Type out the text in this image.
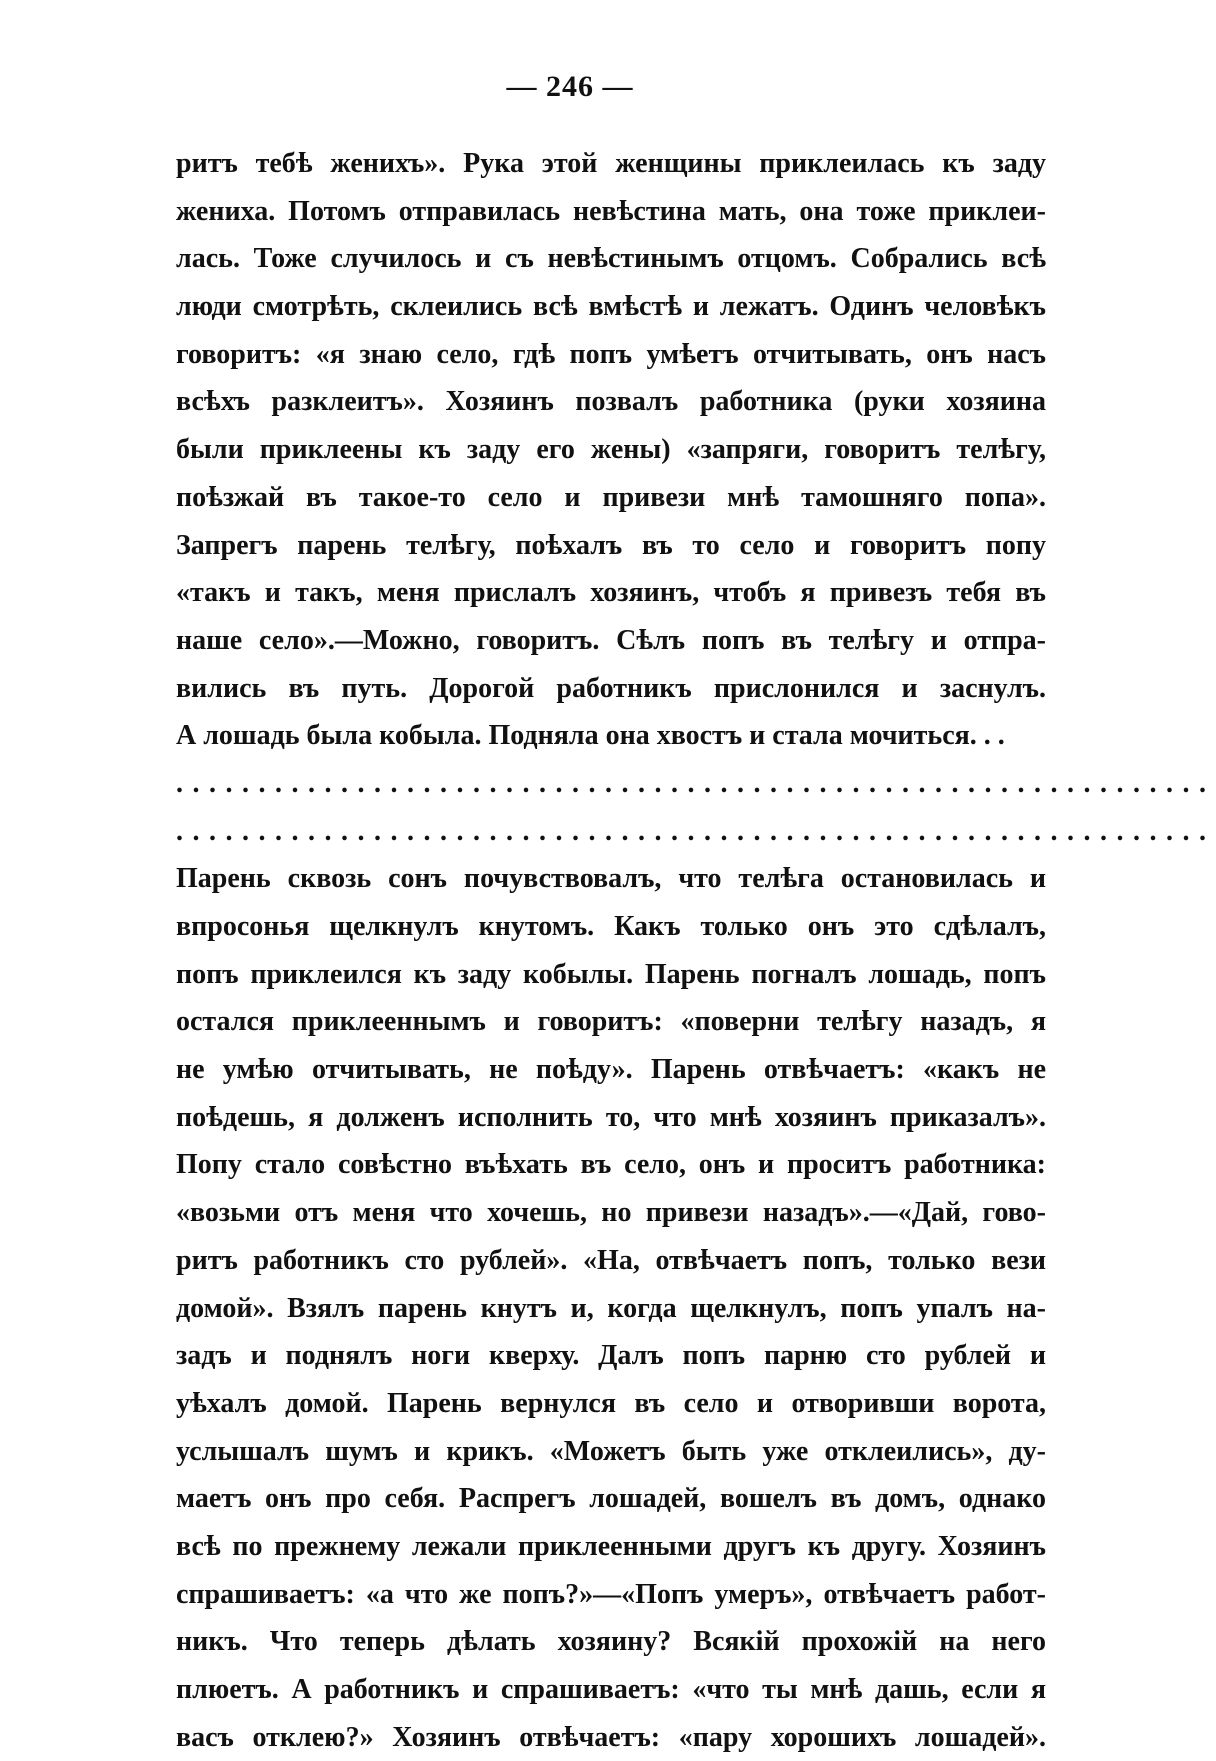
— 246 —
ритъ тебѣ женихъ». Рука этой женщины приклеилась къ заду
жениха. Потомъ отправилась невѣстина мать, она тоже приклеи-
лась. Тоже случилось и съ невѣстинымъ отцомъ. Собрались всѣ
люди смотрѣть, склеились всѣ вмѣстѣ и лежатъ. Одинъ человѣкъ
говоритъ: «я знаю село, гдѣ попъ умѣетъ отчитывать, онъ насъ
всѣхъ разклеитъ». Хозяинъ позвалъ работника (руки хозяина
были приклеены къ заду его жены) «запряги, говоритъ телѣгу,
поѣзжай въ такое-то село и привези мнѣ тамошняго попа».
Запрегъ парень телѣгу, поѣхалъ въ то село и говоритъ попу
«такъ и такъ, меня прислалъ хозяинъ, чтобъ я привезъ тебя въ
наше село».—Можно, говоритъ. Сѣлъ попъ въ телѣгу и отпра-
вились въ путь. Дорогой работникъ прислонился и заснулъ.
А лошадь была кобыла. Подняла она хвостъ и стала мочиться. . .
...............................................................
...............................................................
Парень сквозь сонъ почувствовалъ, что телѣга остановилась и
впросонья щелкнулъ кнутомъ. Какъ только онъ это сдѣлалъ,
попъ приклеился къ заду кобылы. Парень погналъ лошадь, попъ
остался приклееннымъ и говоритъ: «поверни телѣгу назадъ, я
не умѣю отчитывать, не поѣду». Парень отвѣчаетъ: «какъ не
поѣдешь, я долженъ исполнить то, что мнѣ хозяинъ приказалъ».
Попу стало совѣстно въѣхать въ село, онъ и проситъ работника:
«возьми отъ меня что хочешь, но привези назадъ».—«Дай, гово-
ритъ работникъ сто рублей». «На, отвѣчаетъ попъ, только вези
домой». Взялъ парень кнутъ и, когда щелкнулъ, попъ упалъ на-
задъ и поднялъ ноги кверху. Далъ попъ парню сто рублей и
уѣхалъ домой. Парень вернулся въ село и отворивши ворота,
услышалъ шумъ и крикъ. «Можетъ быть уже отклеились», ду-
маетъ онъ про себя. Распрегъ лошадей, вошелъ въ домъ, однако
всѣ по прежнему лежали приклеенными другъ къ другу. Хозяинъ
спрашиваетъ: «а что же попъ?»—«Попъ умеръ», отвѣчаетъ работ-
никъ. Что теперь дѣлать хозяину? Всякій прохожій на него
плюетъ. А работникъ и спрашиваетъ: «что ты мнѣ дашь, если я
васъ отклею?» Хозяинъ отвѣчаетъ: «пару хорошихъ лошадей».
